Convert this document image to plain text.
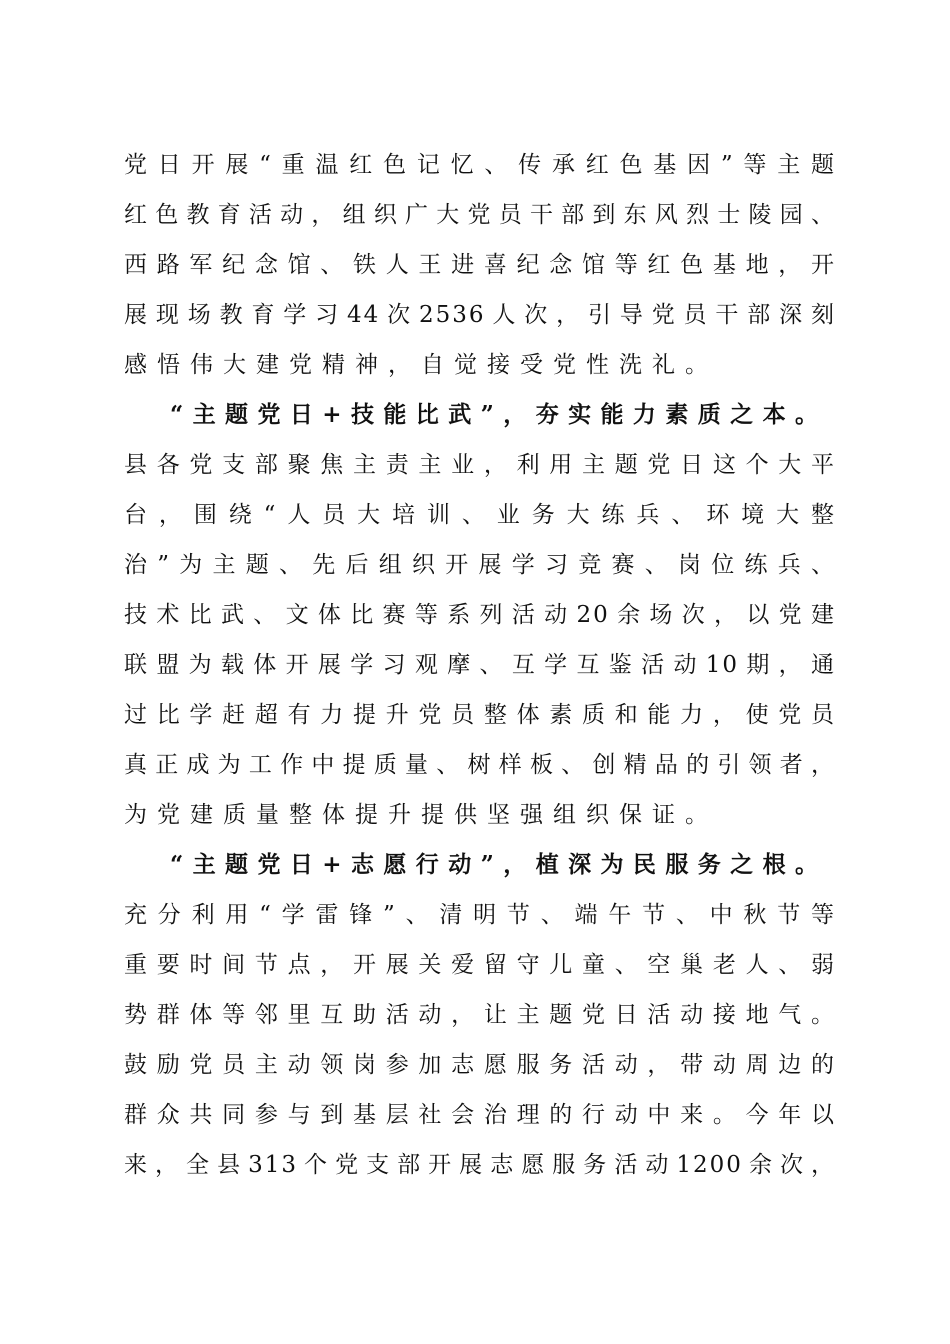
党日开展“重温红色记忆、传承红色基因”等主题

红色教育活动，组织广大党员干部到东风烈士陵园、

西路军纪念馆、铁人王进喜纪念馆等红色基地，开

展现场教育学习44次2536人次，引导党员干部深刻

感悟伟大建党精神，自觉接受党性洗礼。

“主题党日+技能比武”，夯实能力素质之本。

县各党支部聚焦主责主业，利用主题党日这个大平

台，围绕“人员大培训、业务大练兵、环境大整

治”为主题、先后组织开展学习竞赛、岗位练兵、

技术比武、文体比赛等系列活动20余场次，以党建

联盟为载体开展学习观摩、互学互鉴活动10期，通

过比学赶超有力提升党员整体素质和能力，使党员

真正成为工作中提质量、树样板、创精品的引领者，

为党建质量整体提升提供坚强组织保证。

“主题党日+志愿行动”，植深为民服务之根。

充分利用“学雷锋”、清明节、端午节、中秋节等

重要时间节点，开展关爱留守儿童、空巢老人、弱

势群体等邻里互助活动，让主题党日活动接地气。

鼓励党员主动领岗参加志愿服务活动，带动周边的

群众共同参与到基层社会治理的行动中来。今年以

来，全县313个党支部开展志愿服务活动1200余次，
